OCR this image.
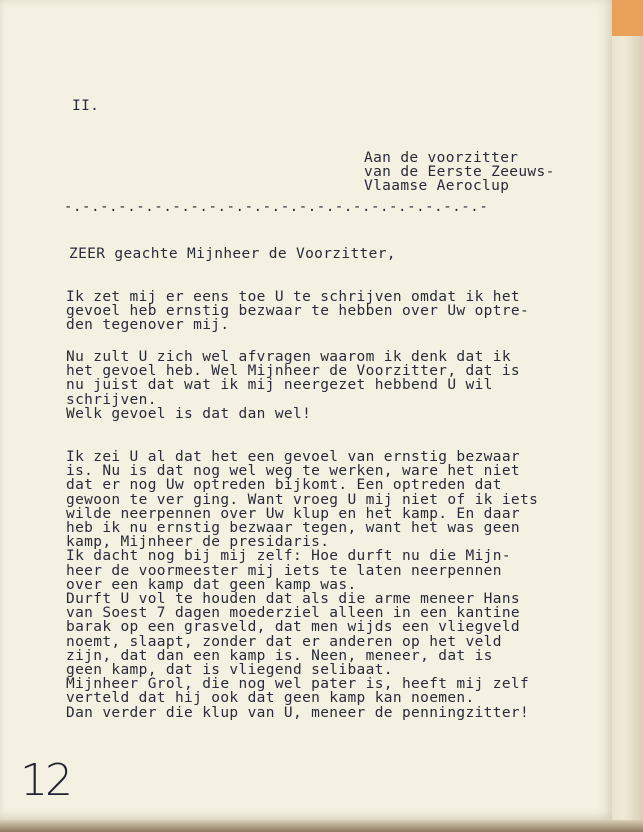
II.
Aan de voorzitter
van de Eerste Zeeuws-
Vlaamse Aeroclup
-.-.-.-.-.-.-.-.-.-.-.-.-.-.-.-.-.-.-.-.-.-.-.-
ZEER geachte Mijnheer de Voorzitter,
Ik zet mij er eens toe U te schrijven omdat ik het
gevoel heb ernstig bezwaar te hebben over Uw optre-
den tegenover mij.
Nu zult U zich wel afvragen waarom ik denk dat ik
het gevoel heb. Wel Mijnheer de Voorzitter, dat is
nu juist dat wat ik mij neergezet hebbend U wil
schrijven.
Welk gevoel is dat dan wel!
Ik zei U al dat het een gevoel van ernstig bezwaar
is. Nu is dat nog wel weg te werken, ware het niet
dat er nog Uw optreden bijkomt. Een optreden dat
gewoon te ver ging. Want vroeg U mij niet of ik iets
wilde neerpennen over Uw klup en het kamp. En daar
heb ik nu ernstig bezwaar tegen, want het was geen
kamp, Mijnheer de presidaris.
Ik dacht nog bij mij zelf: Hoe durft nu die Mijn-
heer de voormeester mij iets te laten neerpennen
over een kamp dat geen kamp was.
Durft U vol te houden dat als die arme meneer Hans
van Soest 7 dagen moederziel alleen in een kantine
barak op een grasveld, dat men wijds een vliegveld
noemt, slaapt, zonder dat er anderen op het veld
zijn, dat dan een kamp is. Neen, meneer, dat is
geen kamp, dat is vliegend selibaat.
Mijnheer Grol, die nog wel pater is, heeft mij zelf
verteld dat hij ook dat geen kamp kan noemen.
Dan verder die klup van U, meneer de penningzitter!
12
